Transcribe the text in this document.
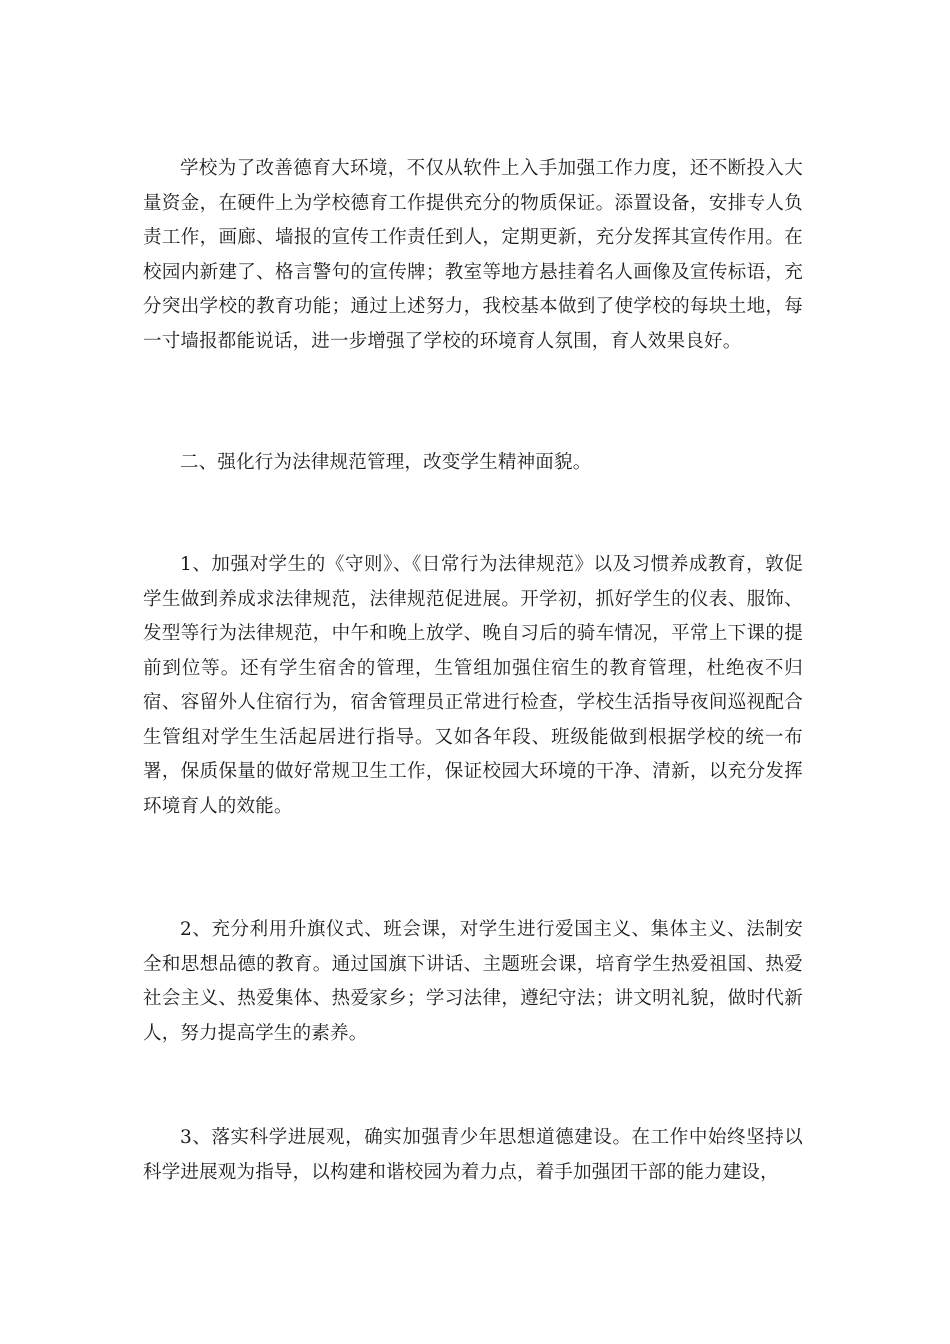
学校为了改善德育大环境，不仅从软件上入手加强工作力度，还不断投入大量资金，在硬件上为学校德育工作提供充分的物质保证。添置设备，安排专人负责工作，画廊、墙报的宣传工作责任到人，定期更新，充分发挥其宣传作用。在校园内新建了、格言警句的宣传牌；教室等地方悬挂着名人画像及宣传标语，充分突出学校的教育功能；通过上述努力，我校基本做到了使学校的每块土地，每一寸墙报都能说话，进一步增强了学校的环境育人氛围，育人效果良好。

二、强化行为法律规范管理，改变学生精神面貌。

1、加强对学生的《守则》、《日常行为法律规范》以及习惯养成教育，敦促学生做到养成求法律规范，法律规范促进展。开学初，抓好学生的仪表、服饰、发型等行为法律规范，中午和晚上放学、晚自习后的骑车情况，平常上下课的提前到位等。还有学生宿舍的管理，生管组加强住宿生的教育管理，杜绝夜不归宿、容留外人住宿行为，宿舍管理员正常进行检查，学校生活指导夜间巡视配合生管组对学生生活起居进行指导。又如各年段、班级能做到根据学校的统一布署，保质保量的做好常规卫生工作，保证校园大环境的干净、清新，以充分发挥环境育人的效能。

2、充分利用升旗仪式、班会课，对学生进行爱国主义、集体主义、法制安全和思想品德的教育。通过国旗下讲话、主题班会课，培育学生热爱祖国、热爱社会主义、热爱集体、热爱家乡；学习法律，遵纪守法；讲文明礼貌，做时代新人，努力提高学生的素养。

3、落实科学进展观，确实加强青少年思想道德建设。在工作中始终坚持以科学进展观为指导，以构建和谐校园为着力点，着手加强团干部的能力建设，
